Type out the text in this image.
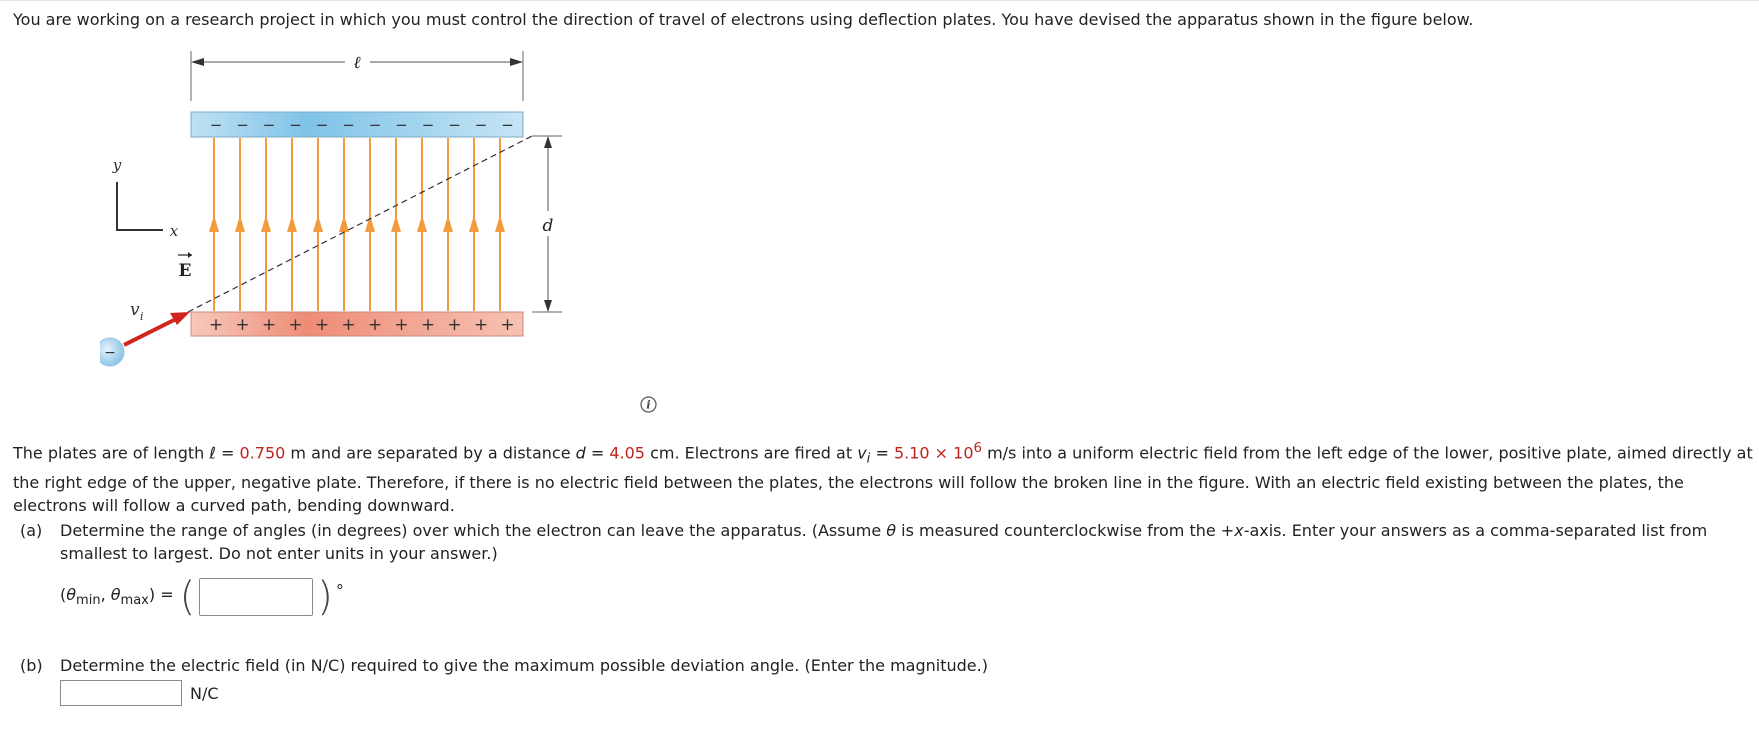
You are working on a research project in which you must control the direction of travel of electrons using deflection plates. You have devised the apparatus shown in the figure below.
ℓ
− − − − − − − − − − − −
+ + + + + + + + + + + +
d
y
x
E
v i
−
i
The plates are of length ℓ = 0.750 m and are separated by a distance d = 4.05 cm. Electrons are fired at $v_i = 5.10 \times 10^6$ m/s into a uniform electric field from the left edge of the lower, positive plate, aimed directly at the right edge of the upper, negative plate. Therefore, if there is no electric field between the plates, the electrons will follow the broken line in the figure. With an electric field existing between the plates, the electrons will follow a curved path, bending downward.
(a) Determine the range of angles (in degrees) over which the electron can leave the apparatus. (Assume θ is measured counterclockwise from the +x-axis. Enter your answers as a comma-separated list from smallest to largest. Do not enter units in your answer.)
($\theta_{min}$, $\theta_{max}$) = (	) °
(b) Determine the electric field (in N/C) required to give the maximum possible deviation angle. (Enter the magnitude.)
N/C
